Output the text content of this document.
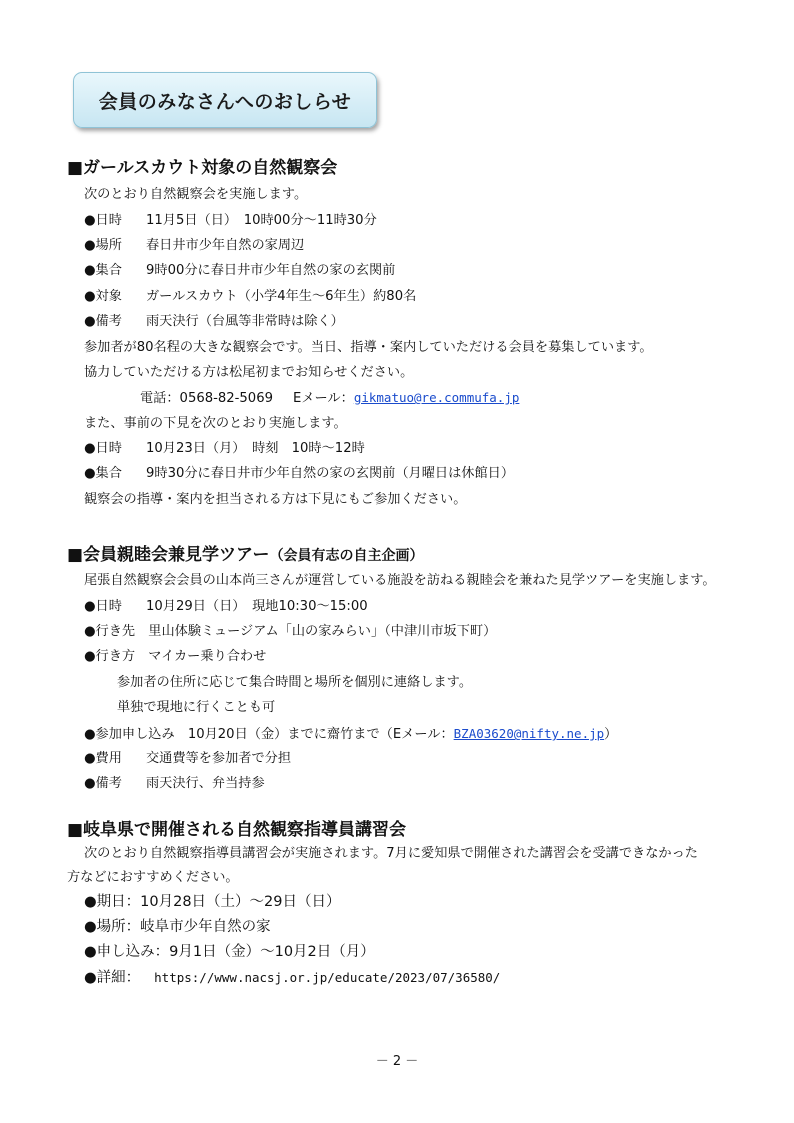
会員のみなさんへのおしらせ
■ガールスカウト対象の自然観察会
次のとおり自然観察会を実施します。
●日時 11月5日（日）　10時00分～11時30分
●場所 春日井市少年自然の家周辺
●集合 9時00分に春日井市少年自然の家の玄関前
●対象 ガールスカウト（小学4年生～6年生）約80名
●備考 雨天決行（台風等非常時は除く）
参加者が80名程の大きな観察会です。当日、指導・案内していただける会員を募集しています。
協力していただける方は松尾初までお知らせください。
電話：0568-82-5069 Eメール：gikmatuo@re.commufa.jp
また、事前の下見を次のとおり実施します。
●日時 10月23日（月）　時刻　10時～12時
●集合 9時30分に春日井市少年自然の家の玄関前（月曜日は休館日）
観察会の指導・案内を担当される方は下見にもご参加ください。
■会員親睦会兼見学ツアー（会員有志の自主企画）
尾張自然観察会会員の山本尚三さんが運営している施設を訪ねる親睦会を兼ねた見学ツアーを実施します。
●日時 10月29日（日）　現地10:30～15:00
●行き先　里山体験ミュージアム「山の家みらい」（中津川市坂下町）
●行き方　マイカー乗り合わせ
参加者の住所に応じて集合時間と場所を個別に連絡します。
単独で現地に行くことも可
●参加申し込み　10月20日（金）までに齋竹まで（Eメール：BZA03620@nifty.ne.jp）
●費用 交通費等を参加者で分担
●備考 雨天決行、弁当持参
■岐阜県で開催される自然観察指導員講習会
次のとおり自然観察指導員講習会が実施されます。7月に愛知県で開催された講習会を受講できなかった
方などにおすすめください。
●期日：10月28日（土）～29日（日）
●場所：岐阜市少年自然の家
●申し込み：9月1日（金）～10月2日（月）
●詳細： https://www.nacsj.or.jp/educate/2023/07/36580/
－ 2 －
